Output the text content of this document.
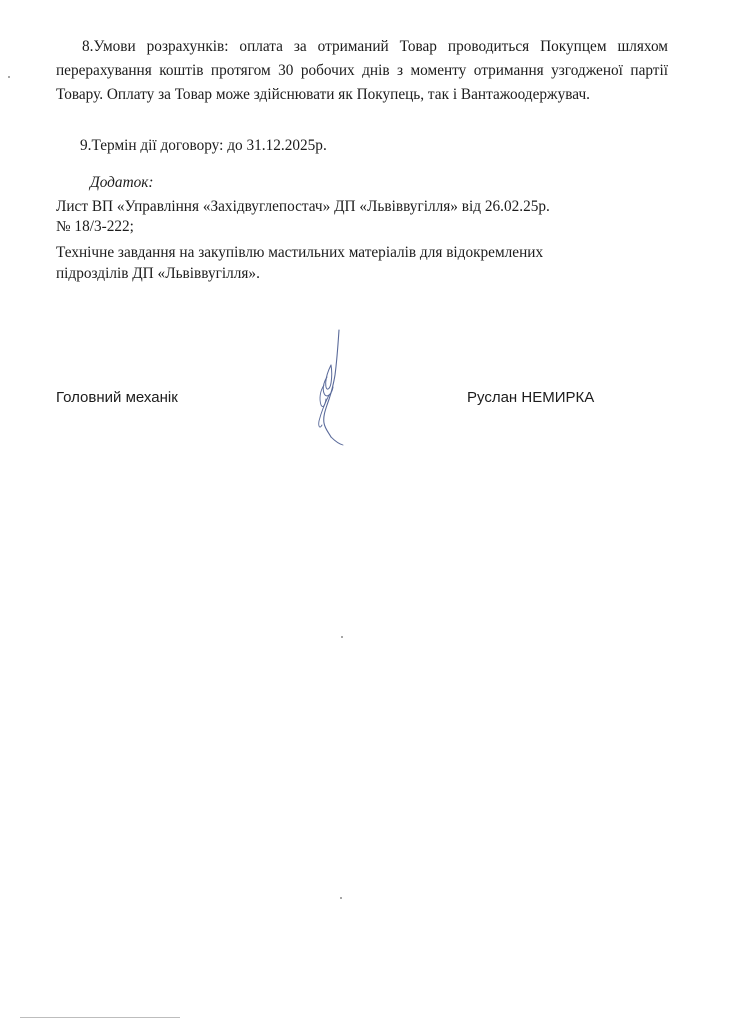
8.Умови розрахунків: оплата за отриманий Товар проводиться Покупцем шляхом перерахування коштів протягом 30 робочих днів з моменту отримання узгодженої партії Товару. Оплату за Товар може здійснювати як Покупець, так і Вантажоодержувач.

9.Термін дії договору: до 31.12.2025р.

Додаток:

Лист ВП «Управління «Західвуглепостач» ДП «Львіввугілля» від 26.02.25р.

№ 18/3-222;

Технічне завдання на закупівлю мастильних матеріалів для відокремлених

підрозділів ДП «Львіввугілля».

Головний механік	Руслан НЕМИРКА
